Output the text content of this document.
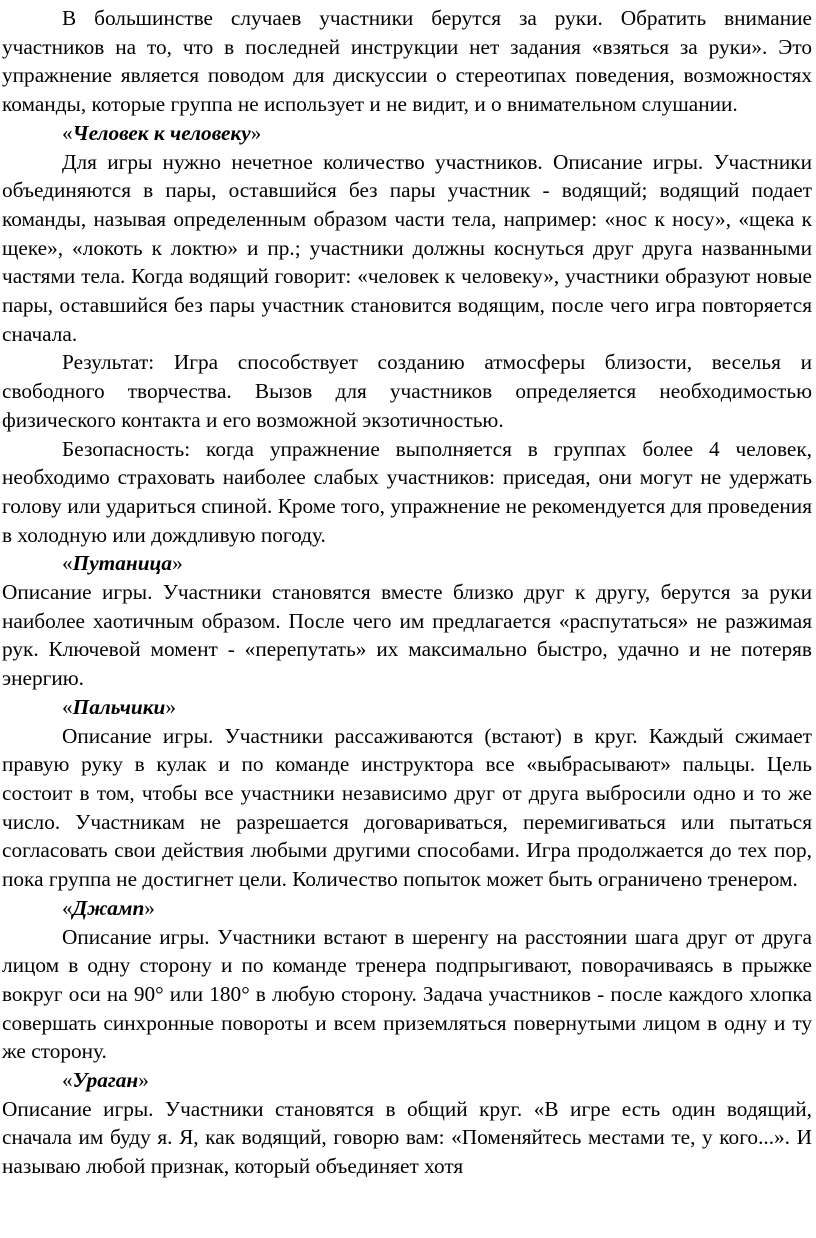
В большинстве случаев участники берутся за руки. Обратить внимание участников на то, что в последней инструкции нет задания «взяться за руки». Это упражнение является поводом для дискуссии о стереотипах поведения, возможностях команды, которые группа не использует и не видит, и о внимательном слушании.

«Человек к человеку»

Для игры нужно нечетное количество участников. Описание игры. Участники объединяются в пары, оставшийся без пары участник - водящий; водящий подает команды, называя определенным образом части тела, например: «нос к носу», «щека к щеке», «локоть к локтю» и пр.; участники должны коснуться друг друга названными частями тела. Когда водящий говорит: «человек к человеку», участники образуют новые пары, оставшийся без пары участник становится водящим, после чего игра повторяется сначала.

Результат: Игра способствует созданию атмосферы близости, веселья и свободного творчества. Вызов для участников определяется необходимостью физического контакта и его возможной экзотичностью.

Безопасность: когда упражнение выполняется в группах более 4 человек, необходимо страховать наиболее слабых участников: приседая, они могут не удержать голову или удариться спиной. Кроме того, упражнение не рекомендуется для проведения в холодную или дождливую погоду.

«Путаница»

Описание игры. Участники становятся вместе близко друг к другу, берутся за руки наиболее хаотичным образом. После чего им предлагается «распутаться» не разжимая рук. Ключевой момент - «перепутать» их максимально быстро, удачно и не потеряв энергию.

«Пальчики»

Описание игры. Участники рассаживаются (встают) в круг. Каждый сжимает правую руку в кулак и по команде инструктора все «выбрасывают» пальцы. Цель состоит в том, чтобы все участники независимо друг от друга выбросили одно и то же число. Участникам не разрешается договариваться, перемигиваться или пытаться согласовать свои действия любыми другими способами. Игра продолжается до тех пор, пока группа не достигнет цели. Количество попыток может быть ограничено тренером.

«Джамп»

Описание игры. Участники встают в шеренгу на расстоянии шага друг от друга лицом в одну сторону и по команде тренера подпрыгивают, поворачиваясь в прыжке вокруг оси на 90° или 180° в любую сторону. Задача участников - после каждого хлопка совершать синхронные повороты и всем приземляться повернутыми лицом в одну и ту же сторону.

«Ураган»

Описание игры. Участники становятся в общий круг. «В игре есть один водящий, сначала им буду я. Я, как водящий, говорю вам: «Поменяйтесь местами те, у кого...». И называю любой признак, который объединяет хотя
